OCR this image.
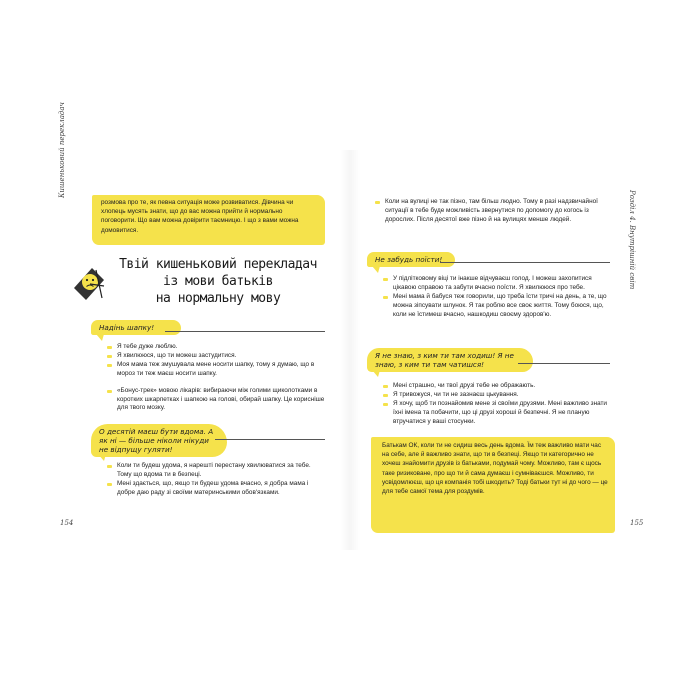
Кишеньковий перекладач
Розділ 4. Внутрішній світ
розмова про те, як певна ситуація може розвиватися. Дівчина чи хлопець мусять знати, що до вас можна прийти й нормально поговорити. Що вам можна довірити таємницю. І що з вами можна домовитися.
Твій кишеньковий перекладач
із мови батьків
на нормальну мову
Надінь шапку!
Я тебе дуже люблю.
Я хвилююся, що ти можеш застудитися.
Моя мама теж змушувала мене носити шапку, тому я думаю, що в мороз ти теж маєш носити шапку.
«Бонус-трек» мовою лікарів: вибираючи між голими щиколотками в коротких шкарпетках і шапкою на голові, обирай шапку. Це корисніше для твого мозку.
О десятій маєш бути вдома. А як ні — більше ніколи нікуди не відпущу гуляти!
Коли ти будеш удома, я нарешті перестану хвилюватися за тебе. Тому що вдома ти в безпеці.
Мені здається, що, якщо ти будеш удома вчасно, я добра мама і добре даю раду зі своїми материнськими обов'язками.
154
Коли на вулиці не так пізно, там більш людно. Тому в разі надзвичайної ситуації в тебе буде можливість звернутися по допомогу до когось із дорослих. Після десятої вже пізно й на вулицях менше людей.
Не забудь поїсти!
У підлітковому віці ти інакше відчуваєш голод. І можеш захопитися цікавою справою та забути вчасно поїсти. Я хвилююся про тебе.
Мені мама й бабуся теж говорили, що треба їсти тричі на день, а те, що можна зіпсувати шлунок. Я так роблю все своє життя. Тому боюся, що, коли не їстимеш вчасно, нашкодиш своєму здоров'ю.
Я не знаю, з ким ти там ходиш! Я не знаю, з ким ти там чатишся!
Мені страшно, чи твої друзі тебе не ображають.
Я тривожуся, чи ти не зазнаєш цькування.
Я хочу, щоб ти познайомив мене зі своїми друзями. Мені важливо знати їхні імена та побачити, що ці друзі хороші й безпечні. Я не планую втручатися у ваші стосунки.
Батькам ОК, коли ти не сидиш весь день вдома. Їм теж важливо мати час на себе, але й важливо знати, що ти в безпеці. Якщо ти категорично не хочеш знайомити друзів із батьками, подумай чому. Можливо, там є щось таке ризиковане, про що ти й сама думаєш і сумніваєшся. Можливо, ти усвідомлюєш, що ця компанія тобі шкодить? Тоді батьки тут ні до чого — це для тебе самої тема для роздумів.
155
